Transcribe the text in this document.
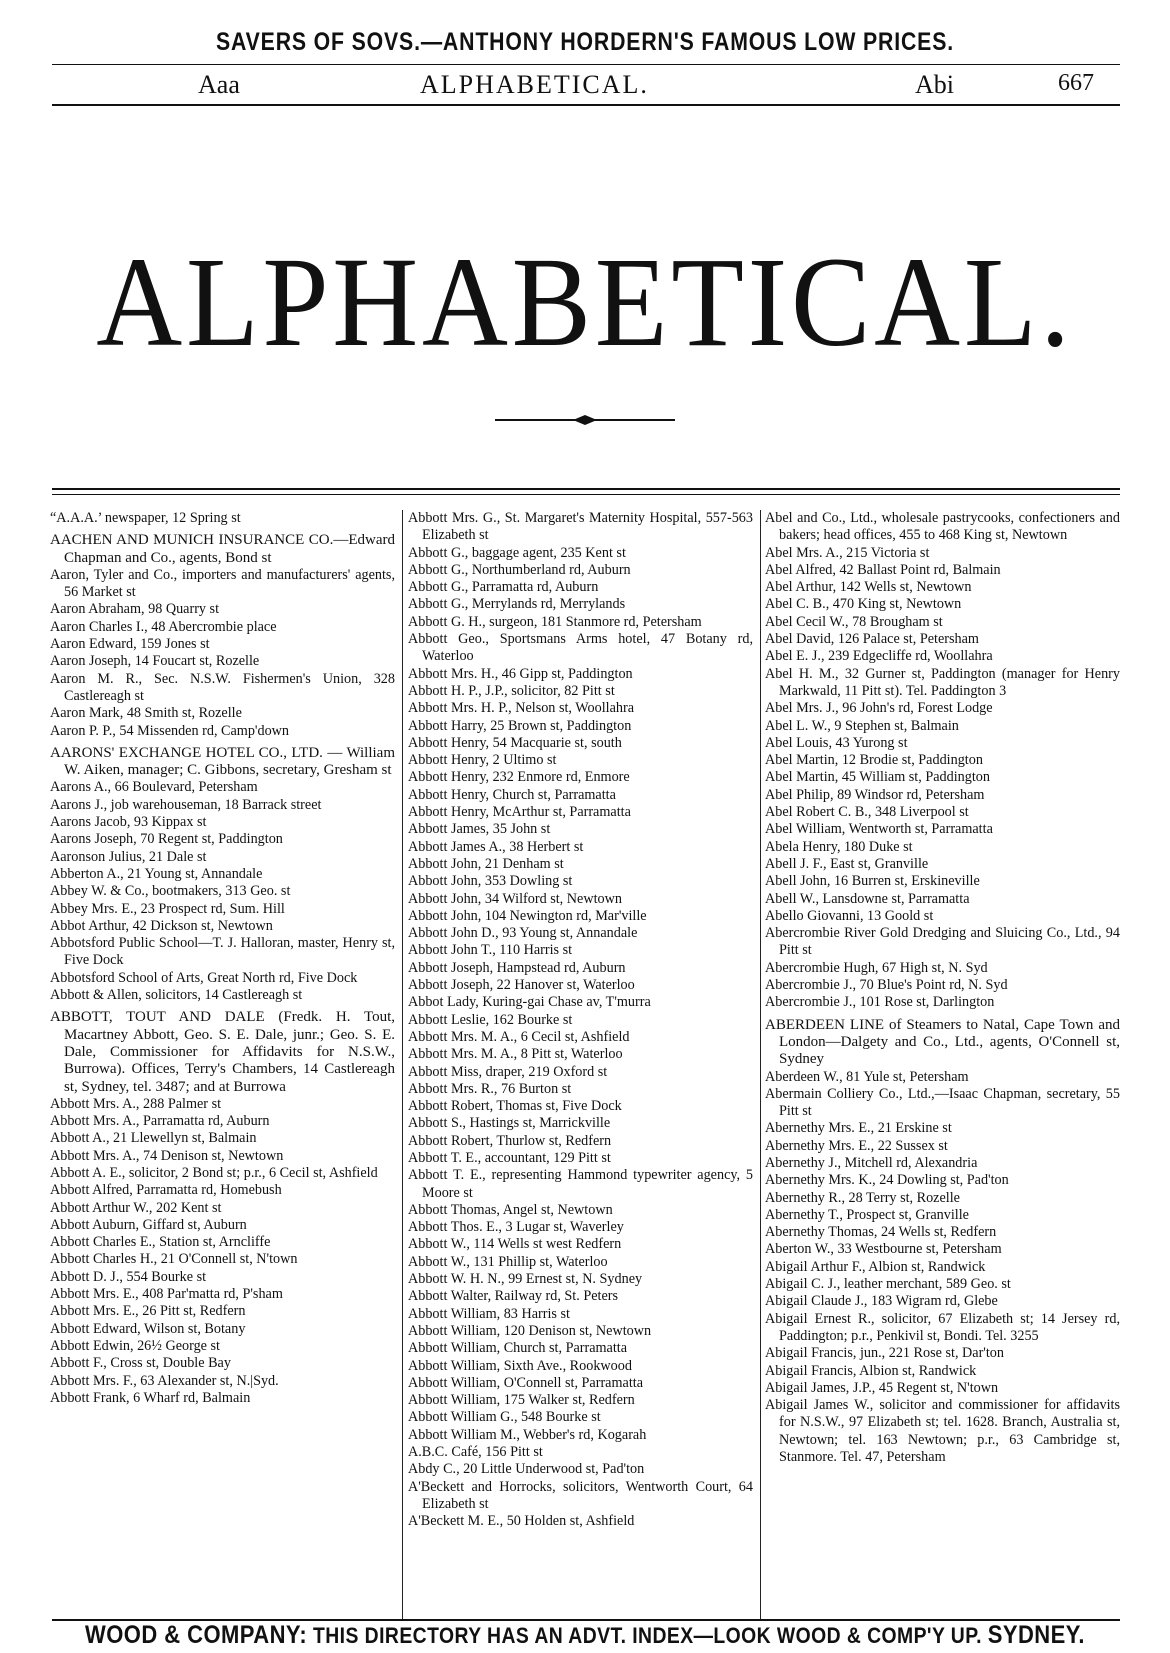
SAVERS OF SOVS.—ANTHONY HORDERN'S FAMOUS LOW PRICES.
Aaa	ALPHABETICAL.	Abi	667
ALPHABETICAL.
“A.A.A.’ newspaper, 12 Spring st
AACHEN AND MUNICH INSURANCE CO.—Edward Chapman and Co., agents, Bond st
Aaron, Tyler and Co., importers and manufacturers' agents, 56 Market st
Aaron Abraham, 98 Quarry st
Aaron Charles I., 48 Abercrombie place
Aaron Edward, 159 Jones st
Aaron Joseph, 14 Foucart st, Rozelle
Aaron M. R., Sec. N.S.W. Fishermen's Union, 328 Castlereagh st
Aaron Mark, 48 Smith st, Rozelle
Aaron P. P., 54 Missenden rd, Camp'down
AARONS' EXCHANGE HOTEL CO., LTD. — William W. Aiken, manager; C. Gibbons, secretary, Gresham st
Aarons A., 66 Boulevard, Petersham
Aarons J., job warehouseman, 18 Barrack street
Aarons Jacob, 93 Kippax st
Aarons Joseph, 70 Regent st, Paddington
Aaronson Julius, 21 Dale st
Abberton A., 21 Young st, Annandale
Abbey W. & Co., bootmakers, 313 Geo. st
Abbey Mrs. E., 23 Prospect rd, Sum. Hill
Abbot Arthur, 42 Dickson st, Newtown
Abbotsford Public School—T. J. Halloran, master, Henry st, Five Dock
Abbotsford School of Arts, Great North rd, Five Dock
Abbott & Allen, solicitors, 14 Castlereagh st
ABBOTT, TOUT AND DALE (Fredk. H. Tout, Macartney Abbott, Geo. S. E. Dale, junr.; Geo. S. E. Dale, Commissioner for Affidavits for N.S.W., Burrowa). Offices, Terry's Chambers, 14 Castlereagh st, Sydney, tel. 3487; and at Burrowa
Abbott Mrs. A., 288 Palmer st
Abbott Mrs. A., Parramatta rd, Auburn
Abbott A., 21 Llewellyn st, Balmain
Abbott Mrs. A., 74 Denison st, Newtown
Abbott A. E., solicitor, 2 Bond st; p.r., 6 Cecil st, Ashfield
Abbott Alfred, Parramatta rd, Homebush
Abbott Arthur W., 202 Kent st
Abbott Auburn, Giffard st, Auburn
Abbott Charles E., Station st, Arncliffe
Abbott Charles H., 21 O'Connell st, N'town
Abbott D. J., 554 Bourke st
Abbott Mrs. E., 408 Par'matta rd, P'sham
Abbott Mrs. E., 26 Pitt st, Redfern
Abbott Edward, Wilson st, Botany
Abbott Edwin, 26½ George st
Abbott F., Cross st, Double Bay
Abbott Mrs. F., 63 Alexander st, N.|Syd.
Abbott Frank, 6 Wharf rd, Balmain
Abbott Mrs. G., St. Margaret's Maternity Hospital, 557-563 Elizabeth st
Abbott G., baggage agent, 235 Kent st
Abbott G., Northumberland rd, Auburn
Abbott G., Parramatta rd, Auburn
Abbott G., Merrylands rd, Merrylands
Abbott G. H., surgeon, 181 Stanmore rd, Petersham
Abbott Geo., Sportsmans Arms hotel, 47 Botany rd, Waterloo
Abbott Mrs. H., 46 Gipp st, Paddington
Abbott H. P., J.P., solicitor, 82 Pitt st
Abbott Mrs. H. P., Nelson st, Woollahra
Abbott Harry, 25 Brown st, Paddington
Abbott Henry, 54 Macquarie st, south
Abbott Henry, 2 Ultimo st
Abbott Henry, 232 Enmore rd, Enmore
Abbott Henry, Church st, Parramatta
Abbott Henry, McArthur st, Parramatta
Abbott James, 35 John st
Abbott James A., 38 Herbert st
Abbott John, 21 Denham st
Abbott John, 353 Dowling st
Abbott John, 34 Wilford st, Newtown
Abbott John, 104 Newington rd, Mar'ville
Abbott John D., 93 Young st, Annandale
Abbott John T., 110 Harris st
Abbott Joseph, Hampstead rd, Auburn
Abbott Joseph, 22 Hanover st, Waterloo
Abbot Lady, Kuring-gai Chase av, T'murra
Abbott Leslie, 162 Bourke st
Abbott Mrs. M. A., 6 Cecil st, Ashfield
Abbott Mrs. M. A., 8 Pitt st, Waterloo
Abbott Miss, draper, 219 Oxford st
Abbott Mrs. R., 76 Burton st
Abbott Robert, Thomas st, Five Dock
Abbott S., Hastings st, Marrickville
Abbott Robert, Thurlow st, Redfern
Abbott T. E., accountant, 129 Pitt st
Abbott T. E., representing Hammond typewriter agency, 5 Moore st
Abbott Thomas, Angel st, Newtown
Abbott Thos. E., 3 Lugar st, Waverley
Abbott W., 114 Wells st west Redfern
Abbott W., 131 Phillip st, Waterloo
Abbott W. H. N., 99 Ernest st, N. Sydney
Abbott Walter, Railway rd, St. Peters
Abbott William, 83 Harris st
Abbott William, 120 Denison st, Newtown
Abbott William, Church st, Parramatta
Abbott William, Sixth Ave., Rookwood
Abbott William, O'Connell st, Parramatta
Abbott William, 175 Walker st, Redfern
Abbott William G., 548 Bourke st
Abbott William M., Webber's rd, Kogarah
A.B.C. Café, 156 Pitt st
Abdy C., 20 Little Underwood st, Pad'ton
A'Beckett and Horrocks, solicitors, Wentworth Court, 64 Elizabeth st
A'Beckett M. E., 50 Holden st, Ashfield
Abel and Co., Ltd., wholesale pastrycooks, confectioners and bakers; head offices, 455 to 468 King st, Newtown
Abel Mrs. A., 215 Victoria st
Abel Alfred, 42 Ballast Point rd, Balmain
Abel Arthur, 142 Wells st, Newtown
Abel C. B., 470 King st, Newtown
Abel Cecil W., 78 Brougham st
Abel David, 126 Palace st, Petersham
Abel E. J., 239 Edgecliffe rd, Woollahra
Abel H. M., 32 Gurner st, Paddington (manager for Henry Markwald, 11 Pitt st). Tel. Paddington 3
Abel Mrs. J., 96 John's rd, Forest Lodge
Abel L. W., 9 Stephen st, Balmain
Abel Louis, 43 Yurong st
Abel Martin, 12 Brodie st, Paddington
Abel Martin, 45 William st, Paddington
Abel Philip, 89 Windsor rd, Petersham
Abel Robert C. B., 348 Liverpool st
Abel William, Wentworth st, Parramatta
Abela Henry, 180 Duke st
Abell J. F., East st, Granville
Abell John, 16 Burren st, Erskineville
Abell W., Lansdowne st, Parramatta
Abello Giovanni, 13 Goold st
Abercrombie River Gold Dredging and Sluicing Co., Ltd., 94 Pitt st
Abercrombie Hugh, 67 High st, N. Syd
Abercrombie J., 70 Blue's Point rd, N. Syd
Abercrombie J., 101 Rose st, Darlington
ABERDEEN LINE of Steamers to Natal, Cape Town and London—Dalgety and Co., Ltd., agents, O'Connell st, Sydney
Aberdeen W., 81 Yule st, Petersham
Abermain Colliery Co., Ltd.,—Isaac Chapman, secretary, 55 Pitt st
Abernethy Mrs. E., 21 Erskine st
Abernethy Mrs. E., 22 Sussex st
Abernethy J., Mitchell rd, Alexandria
Abernethy Mrs. K., 24 Dowling st, Pad'ton
Abernethy R., 28 Terry st, Rozelle
Abernethy T., Prospect st, Granville
Abernethy Thomas, 24 Wells st, Redfern
Aberton W., 33 Westbourne st, Petersham
Abigail Arthur F., Albion st, Randwick
Abigail C. J., leather merchant, 589 Geo. st
Abigail Claude J., 183 Wigram rd, Glebe
Abigail Ernest R., solicitor, 67 Elizabeth st; 14 Jersey rd, Paddington; p.r., Penkivil st, Bondi. Tel. 3255
Abigail Francis, jun., 221 Rose st, Dar'ton
Abigail Francis, Albion st, Randwick
Abigail James, J.P., 45 Regent st, N'town
Abigail James W., solicitor and commissioner for affidavits for N.S.W., 97 Elizabeth st; tel. 1628. Branch, Australia st, Newtown; tel. 163 Newtown; p.r., 63 Cambridge st, Stanmore. Tel. 47, Petersham
WOOD & COMPANY: THIS DIRECTORY HAS AN ADVT. INDEX—LOOK WOOD & COMP'Y UP. SYDNEY.
